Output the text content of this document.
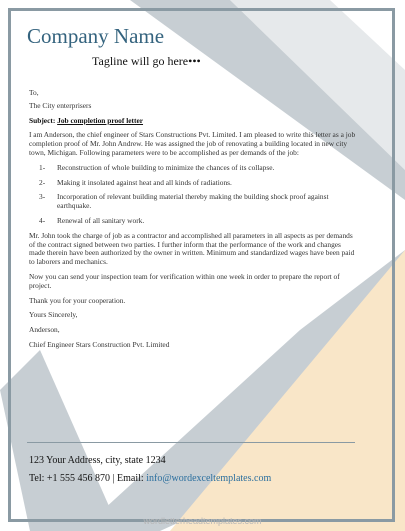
Company Name
Tagline will go here•••

To,

The City enterprisers

Subject: Job completion proof letter

I am Anderson, the chief engineer of Stars Constructions Pvt. Limited. I am pleased to write this letter as a job completion proof of Mr. John Andrew. He was assigned the job of renovating a building located in new city town, Michigan. Following parameters were to be accomplished as per demands of the job:

1- Reconstruction of whole building to minimize the chances of its collapse.
2- Making it insolated against heat and all kinds of radiations.
3- Incorporation of relevant building material thereby making the building shock proof against earthquake.
4- Renewal of all sanitary work.

Mr. John took the charge of job as a contractor and accomplished all parameters in all aspects as per demands of the contract signed between two parties. I further inform that the performance of the work and changes made therein have been authorized by the owner in written. Minimum and standardized wages have been paid to laborers and mechanics.

Now you can send your inspection team for verification within one week in order to prepare the report of project.

Thank you for your cooperation.

Yours Sincerely,

Anderson,

Chief Engineer Stars Construction Pvt. Limited

123 Your Address, city, state 1234
Tel: +1 555 456 870 | Email: info@wordexceltemplates.com
wordletterheadtemplates.com
